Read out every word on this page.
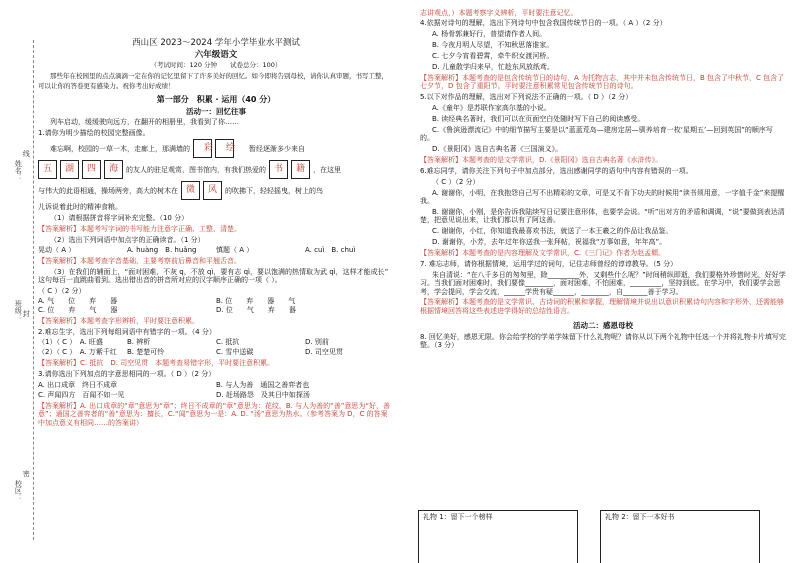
姓名：
班级：
校区：
线
封
密
西山区 2023～2024 学年小学毕业水平测试
六年级语文
（考试时间：120 分钟　　试卷总分：100）
那些年在校园里的点点滴滴一定在你的记忆里留下了许多美好的回忆。如今即将告别母校，请你认真审题，书写工整，可以让你的答卷更有感染力。祝你考出好成绩！
第一部分　积累 · 运用（40 分）
活动一：回忆往事
列车启动，缓缓驶向远方，在翻开的相册里，我看到了你……
1.请你为明少描绘的校园完整画像。
难忘啊，校园的一草一木，走廊上，那满墙的	彩	绘	暂经逐渐多少来自
五	湖	四	海	的友人的驻足观赏，图书馆内，有我们热爱的 书	籍	，在这里
与伟大的此语相通，操场两旁，高大的树木在 微	风	的吹拂下，轻轻摇曳，树上的鸟
儿诉说着此时的精神食粮。
（1）请根据拼音将字词补充完整。（10 分）
【答案解析】本题考写字词的书写能力注意字正确、工整、清楚。
（2）选出下列词语中加点字的正确读音。（1 分）
晃动（ A ）	A. huàng　B. huǎng	慎题（ A ）	A. cuì　B. chuì
【答案解析】本题考查字音基础，主要考察前后鼻音和平翘舌音。
（3）在我们的辅面上，“面对困难，不灰 q，不放 qì，要有志 qì，要以饱满的热情取为武 qì，这样才能成长” 这句每百一直跳曲看到。选出错出音的拼音所对应的汉字顺序正确的一项（ ）。
（ C ）（2 分）
A. 气　　位　　弃　　器	B. 位　　弃　　器　　气
C. 位　　弃　　气　　器	D. 位　　气　　弃　　器
【答案解析】本题考查字形辨析，平时要注意积累。
2.难忘生字，选出下列每组词语中有错字的一项。（4 分）
（1）（ C ）　A. 旺盛	B. 辨析	C. 抵抗	D. 别前
（2）（ C ）　A. 万紫千红	B. 楚楚可怜	C. 雪中送碳	D. 司空见贯
【答案解析】C. 抵抗　D. 司空见贯　本题考查易错字形，平时要注意积累。
3.请你选出下列加点的字意思相同的一项。（ D ）（2 分）
A. 出口成章　终日不成章	B. 与人为善　通国之善弈者也
C. 声闻四方　百闻不如一见	D. 赶场路怨　及其日中如探汤
【答案解析】A. 出口成章的“章”意思为“章”；终日不成章的“章”意思为：花纹，B. 与人为善的“善”意思为“好，善意”；通国之善弈者的“善”意思为：擅长，C.“闻”意思为一是：A. D. “汤”意思为热水。（参考答案为 D，C 的答案中加点意义有相同……的答案讲）
志讲观点，）本题考察字义辨析，平时要注意记忆。
4.依据对诗句的理解，选出下列诗句中包含我国传统节日的一项。（ A ）（2 分）
A. 杨骨郭兼好行，普望请作者人间。
B. 今夜月明人尽望，不知秋思落谁家。
C. 七夕今宵看碧霄，牵牛织女渡河桥。
D. 儿童散学归来早，忙趁东风放纸鸢。
【答案解析】本题考查的是包含传统节日的诗句，A 为托物言志，其中并未包含传统节日，B 包含了中秋节，C 包含了七夕节，D 包含了重阳节。平时要注意积累常见包含传统节日的诗句。
5.以下对作品的理解，选出对下列说法不正确的一项。（ D ）（2 分）
A.《童年》是苏联作家高尔基的小说。
B. 读经典名著时，我们可以在页面空白处随时写下自己的阅读感受。
C.《鲁滨逊漂流记》中的细节描写主要是以“蓝蓝荒岛—建房定居—驯养培育一枚‘星期五’—回到英国”的顺序写的。
D.《景阳冈》选自古典名著《三国演义》。
【答案解析】本题考查的是文学常识，D.《景阳冈》选自古典名著《水浒传》。
6.难忘同学，请你关注下列句子中加点部分，选出感谢同学的语句中内容有错误的一项。
（ C ）（2 分）
A. 谢谢你，小明，在我抱怨自己写不出精彩的文章，可是又不肯下功夫的时候用“读书须用意，一字值千金”来提醒我。
B. 谢谢你，小刚，是你告诉我陆续写日记要注意形体，也要学会说。“听”出对方的矛盾和调调，“说”要做到表达清楚，把意见说出来，让我们都以有了阿这善。
C. 谢谢你，小红，你知道我最喜欢书法，就送了一本王羲之的作品让我品鉴。
D. 谢谢你，小芳，去年过年你送我一张拜帖，祝福我“万事如意，年年高”。
【答案解析】本题考查的是内容理解及文学常识，C.《三门记》作者为赵孟頫。
7. 难忘志师，请你根据情境，运用学过的词句，记住志师曾经的谆谆教导。（5 分）
朱自清说：“在八千多日的匆匆里，除_________外，又剩些什么呢？”时间稍纵即逝，我们要格外珍惜时光，好好学习。当我们面对困难时，我们要像________，面对困难，不怕困难，_________，坚持到底。在学习中，我们要学会思考，学会提问，学会交流，______学贵有疑______，________，自_______善于学习。
【答案解析】本题考查的是文学常识、古诗词的积累和掌握，理解情境并说出以意识积累诗句内容和字形外，还需能够根据情境回答将这些表述进学得好的总结性语言。
活动二：感恩母校
8. 回忆美好，感恩无限。你会给学校的学弟学妹留下什么礼物呢？请你从以下两个礼物中任选一个并将礼物卡片填写完整。（3 分）
礼物 1：留下一个榜样	礼物 2：留下一本好书
